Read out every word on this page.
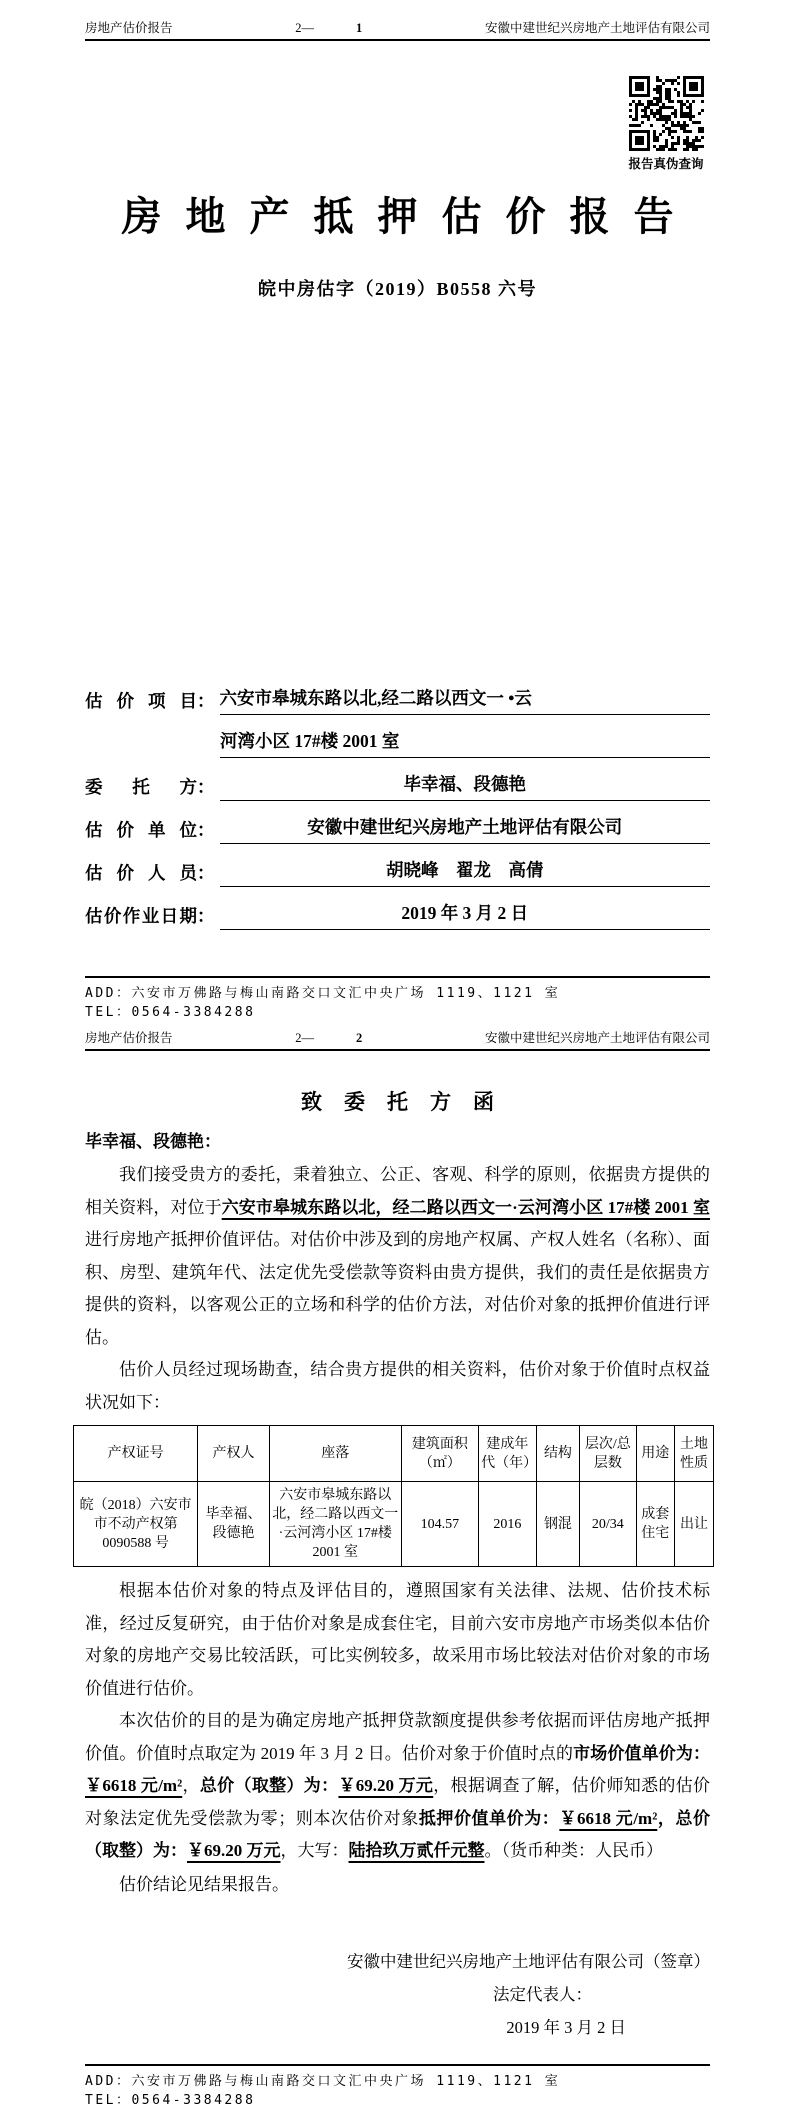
房地产估价报告	2—	1	安徽中建世纪兴房地产土地评估有限公司
报告真伪查询
房地产抵押估价报告
皖中房估字（2019）B0558 六号
估 价 项 目 ： 六安市皋城东路以北,经二路以西文一 •云
河湾小区 17#楼 2001 室
委 托 方 ：	毕幸福、段德艳
估 价 单 位 ：	安徽中建世纪兴房地产土地评估有限公司
估 价 人 员 ：	胡晓峰　翟龙　高倩
估价作业日期 ：	2019 年 3 月 2 日
ADD：六安市万佛路与梅山南路交口文汇中央广场 1119、1121 室
TEL：0564-3384288
房地产估价报告	2—	2	安徽中建世纪兴房地产土地评估有限公司
致委托方函
毕幸福、段德艳：

我们接受贵方的委托，秉着独立、公正、客观、科学的原则，依据贵方提供的相关资料，对位于六安市皋城东路以北，经二路以西文一·云河湾小区 17#楼 2001 室进行房地产抵押价值评估。对估价中涉及到的房地产权属、产权人姓名（名称）、面积、房型、建筑年代、法定优先受偿款等资料由贵方提供，我们的责任是依据贵方提供的资料，以客观公正的立场和科学的估价方法，对估价对象的抵押价值进行评估。

估价人员经过现场勘查，结合贵方提供的相关资料，估价对象于价值时点权益状况如下：

产权证号	产权人	座落	建筑面积（㎡）	建成年代（年）	结构	层次/总层数	用途	土地性质
皖（2018）六安市市不动产权第 0090588 号	毕幸福、段德艳	六安市皋城东路以北，经二路以西文一 ·云河湾小区 17#楼 2001 室	104.57	2016	钢混	20/34	成套住宅	出让

根据本估价对象的特点及评估目的，遵照国家有关法律、法规、估价技术标准，经过反复研究，由于估价对象是成套住宅，目前六安市房地产市场类似本估价对象的房地产交易比较活跃，可比实例较多，故采用市场比较法对估价对象的市场价值进行估价。

本次估价的目的是为确定房地产抵押贷款额度提供参考依据而评估房地产抵押价值。价值时点取定为 2019 年 3 月 2 日。估价对象于价值时点的市场价值单价为：￥6618 元/m²，总价（取整）为：￥69.20 万元，根据调查了解，估价师知悉的估价对象法定优先受偿款为零；则本次估价对象抵押价值单价为：￥6618 元/m²，总价（取整）为：￥69.20 万元，大写：陆拾玖万贰仟元整。（货币种类：人民币）

估价结论见结果报告。

安徽中建世纪兴房地产土地评估有限公司（签章）
法定代表人：
2019 年 3 月 2 日
ADD：六安市万佛路与梅山南路交口文汇中央广场 1119、1121 室
TEL：0564-3384288
